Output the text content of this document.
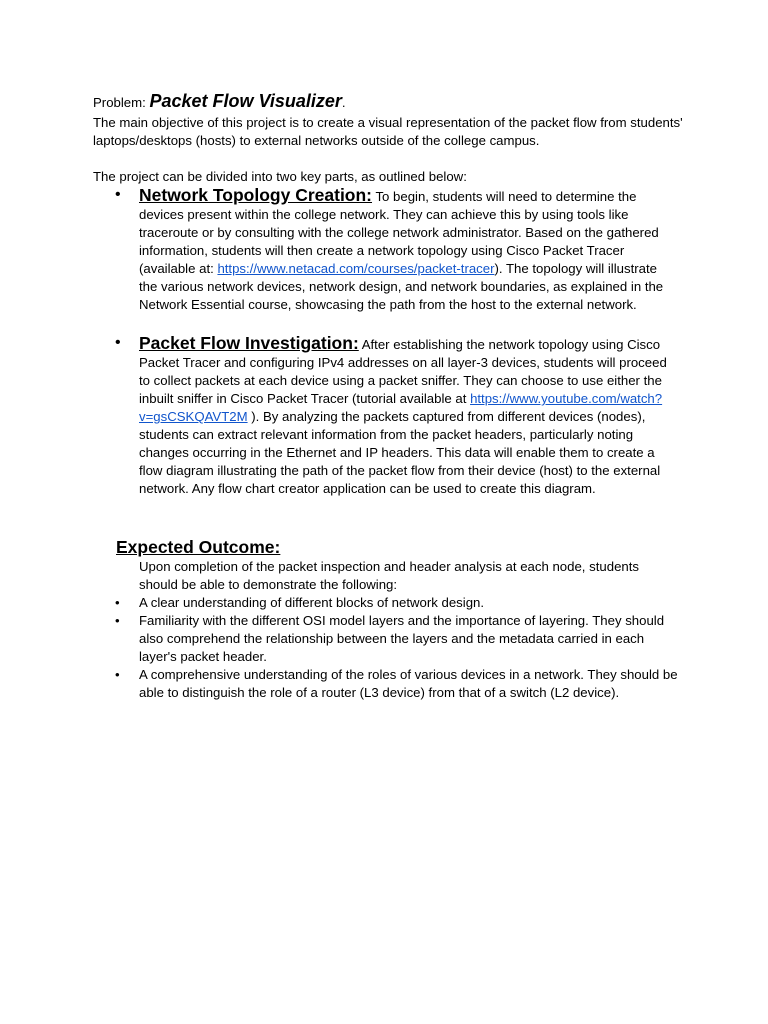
Problem: Packet Flow Visualizer.

The main objective of this project is to create a visual representation of the packet flow from students' laptops/desktops (hosts) to external networks outside of the college campus.

The project can be divided into two key parts, as outlined below:

• Network Topology Creation: To begin, students will need to determine the devices present within the college network. They can achieve this by using tools like traceroute or by consulting with the college network administrator. Based on the gathered information, students will then create a network topology using Cisco Packet Tracer (available at: https://www.netacad.com/courses/packet-tracer). The topology will illustrate the various network devices, network design, and network boundaries, as explained in the Network Essential course, showcasing the path from the host to the external network.
• Packet Flow Investigation: After establishing the network topology using Cisco Packet Tracer and configuring IPv4 addresses on all layer-3 devices, students will proceed to collect packets at each device using a packet sniffer. They can choose to use either the inbuilt sniffer in Cisco Packet Tracer (tutorial available at https://www.youtube.com/watch?v=gsCSKQAVT2M ). By analyzing the packets captured from different devices (nodes), students can extract relevant information from the packet headers, particularly noting changes occurring in the Ethernet and IP headers. This data will enable them to create a flow diagram illustrating the path of the packet flow from their device (host) to the external network. Any flow chart creator application can be used to create this diagram.
Expected Outcome:

Upon completion of the packet inspection and header analysis at each node, students should be able to demonstrate the following:

• A clear understanding of different blocks of network design.
• Familiarity with the different OSI model layers and the importance of layering. They should also comprehend the relationship between the layers and the metadata carried in each layer's packet header.
• A comprehensive understanding of the roles of various devices in a network. They should be able to distinguish the role of a router (L3 device) from that of a switch (L2 device).
